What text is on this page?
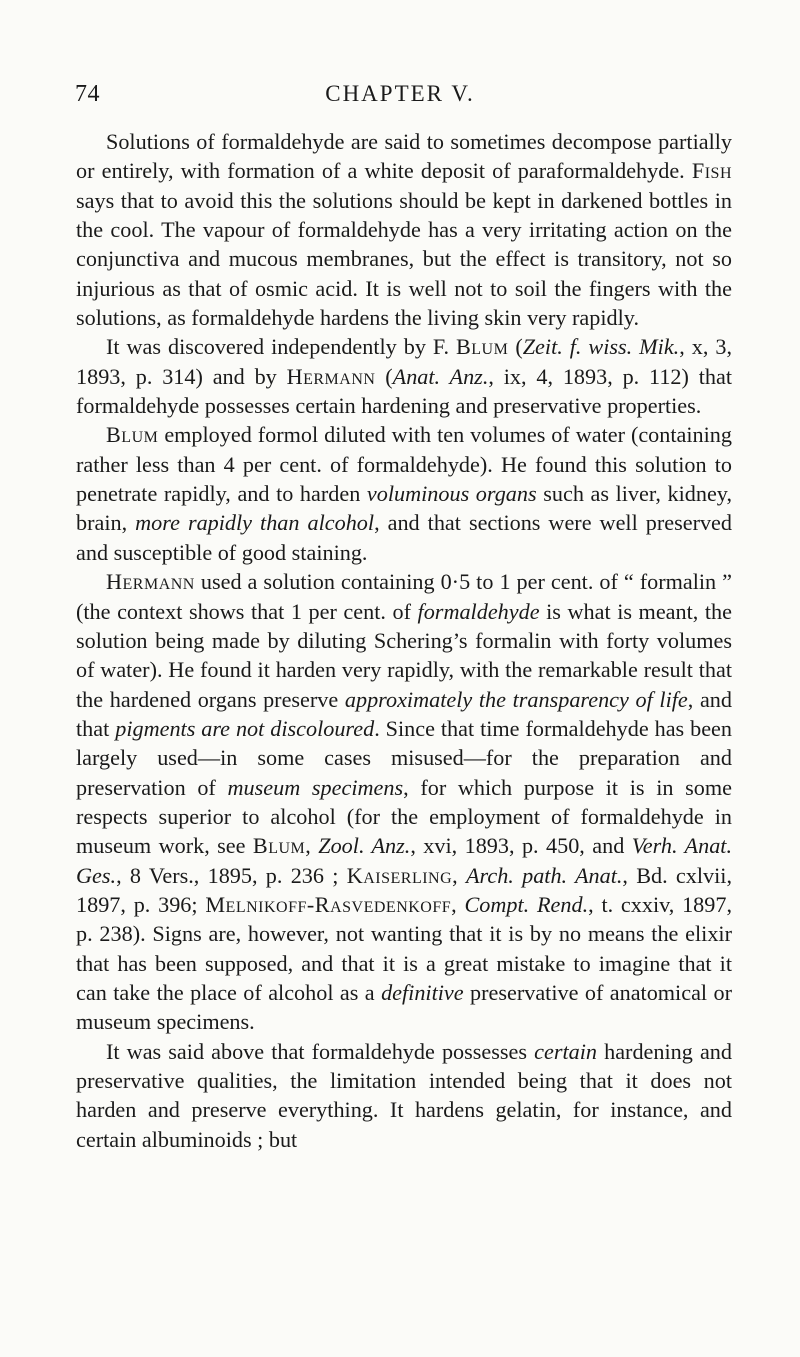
74	CHAPTER V.

Solutions of formaldehyde are said to sometimes decompose partially or entirely, with formation of a white deposit of paraformaldehyde. Fish says that to avoid this the solutions should be kept in darkened bottles in the cool. The vapour of formaldehyde has a very irritating action on the conjunctiva and mucous membranes, but the effect is transitory, not so injurious as that of osmic acid. It is well not to soil the fingers with the solutions, as formaldehyde hardens the living skin very rapidly.

It was discovered independently by F. Blum (Zeit. f. wiss. Mik., x, 3, 1893, p. 314) and by Hermann (Anat. Anz., ix, 4, 1893, p. 112) that formaldehyde possesses certain hardening and preservative properties.

Blum employed formol diluted with ten volumes of water (containing rather less than 4 per cent. of formaldehyde). He found this solution to penetrate rapidly, and to harden voluminous organs such as liver, kidney, brain, more rapidly than alcohol, and that sections were well preserved and susceptible of good staining.

Hermann used a solution containing 0·5 to 1 per cent. of “ formalin ” (the context shows that 1 per cent. of formaldehyde is what is meant, the solution being made by diluting Schering’s formalin with forty volumes of water). He found it harden very rapidly, with the remarkable result that the hardened organs preserve approximately the transparency of life, and that pigments are not discoloured. Since that time formaldehyde has been largely used—in some cases misused—for the preparation and preservation of museum specimens, for which purpose it is in some respects superior to alcohol (for the employment of formaldehyde in museum work, see Blum, Zool. Anz., xvi, 1893, p. 450, and Verh. Anat. Ges., 8 Vers., 1895, p. 236 ; Kaiserling, Arch. path. Anat., Bd. cxlvii, 1897, p. 396; Melnikoff-Rasvedenkoff, Compt. Rend., t. cxxiv, 1897, p. 238). Signs are, however, not wanting that it is by no means the elixir that has been supposed, and that it is a great mistake to imagine that it can take the place of alcohol as a definitive preservative of anatomical or museum specimens.

It was said above that formaldehyde possesses certain hardening and preservative qualities, the limitation intended being that it does not harden and preserve everything. It hardens gelatin, for instance, and certain albuminoids ; but
